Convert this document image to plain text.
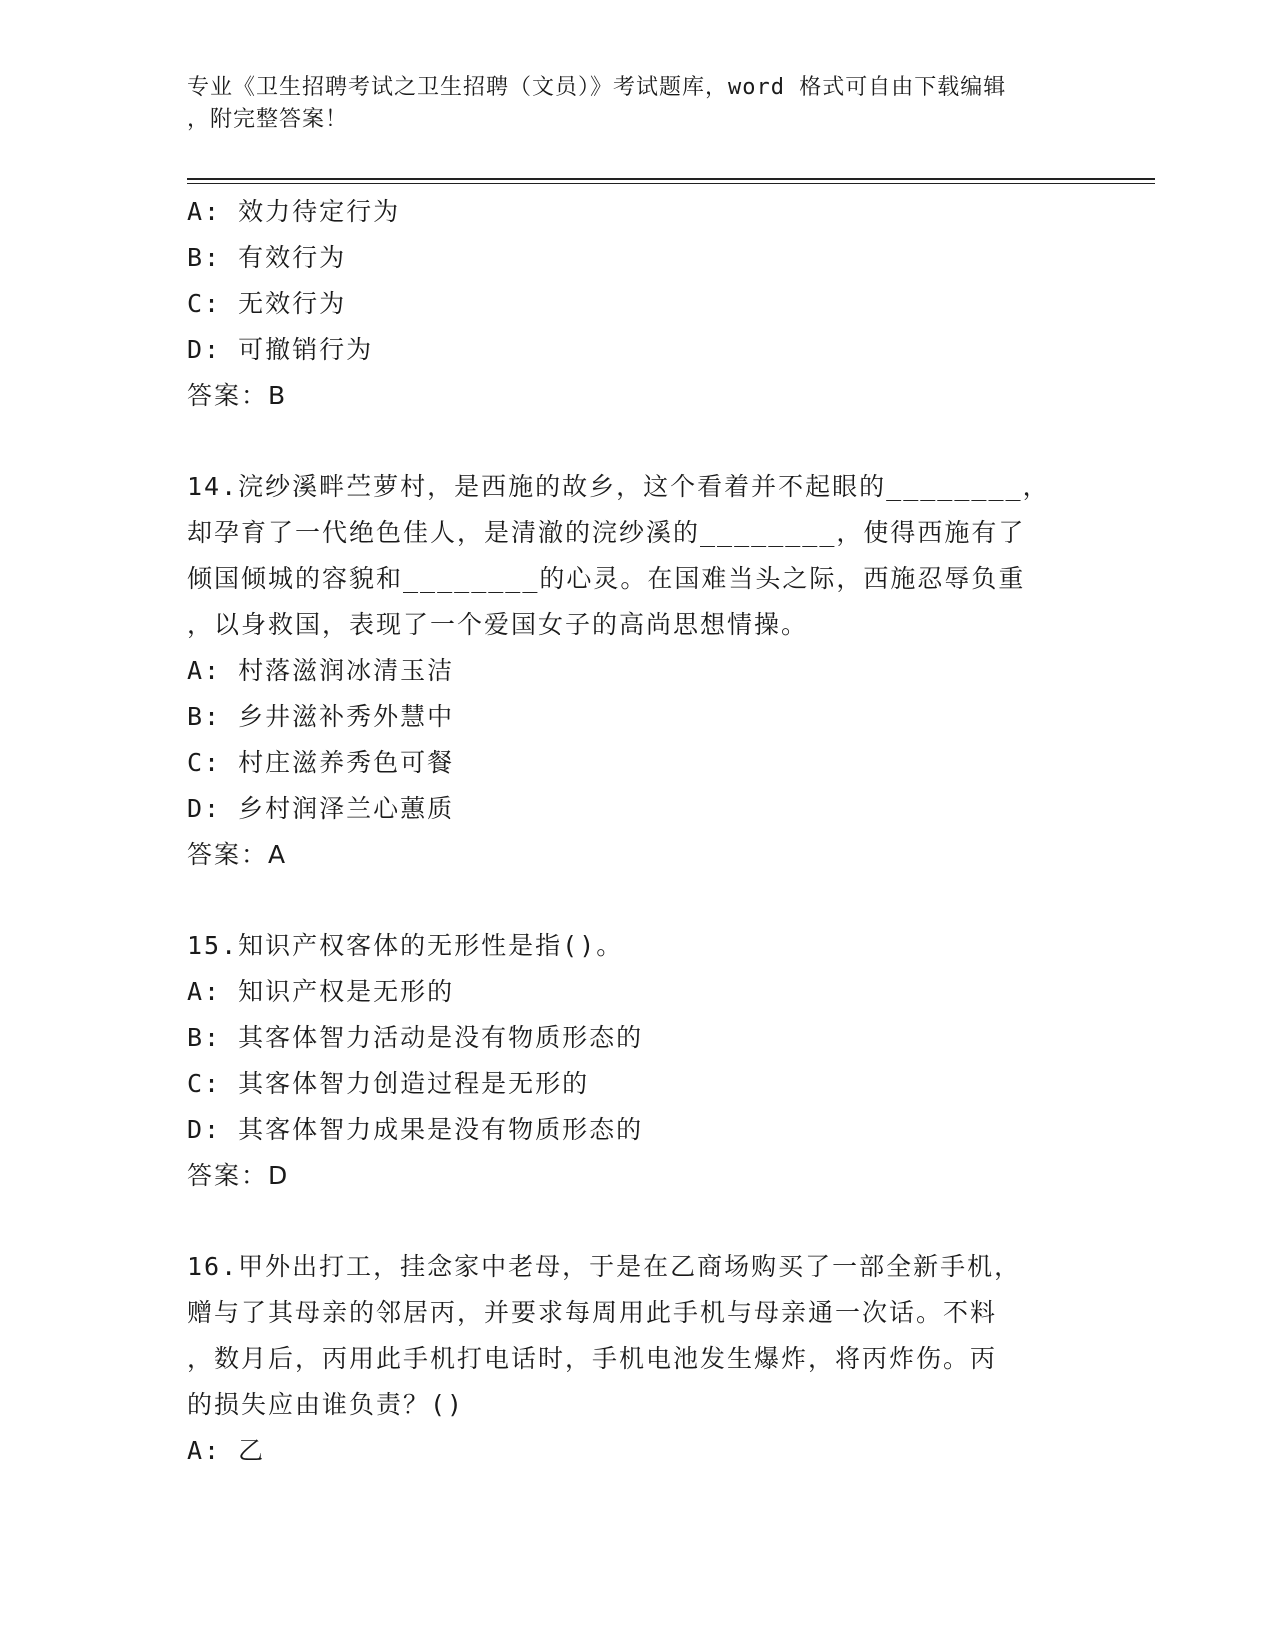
专业《卫生招聘考试之卫生招聘（文员）》考试题库，word 格式可自由下载编辑
，附完整答案！
A: 效力待定行为
B: 有效行为
C: 无效行为
D: 可撤销行为
答案：B
14.浣纱溪畔苎萝村，是西施的故乡，这个看着并不起眼的________，
却孕育了一代绝色佳人，是清澈的浣纱溪的________，使得西施有了
倾国倾城的容貌和________的心灵。在国难当头之际，西施忍辱负重
，以身救国，表现了一个爱国女子的高尚思想情操。
A: 村落滋润冰清玉洁
B: 乡井滋补秀外慧中
C: 村庄滋养秀色可餐
D: 乡村润泽兰心蕙质
答案：A
15.知识产权客体的无形性是指()。
A: 知识产权是无形的
B: 其客体智力活动是没有物质形态的
C: 其客体智力创造过程是无形的
D: 其客体智力成果是没有物质形态的
答案：D
16.甲外出打工，挂念家中老母，于是在乙商场购买了一部全新手机，
赠与了其母亲的邻居丙，并要求每周用此手机与母亲通一次话。不料
，数月后，丙用此手机打电话时，手机电池发生爆炸，将丙炸伤。丙
的损失应由谁负责？()
A: 乙
